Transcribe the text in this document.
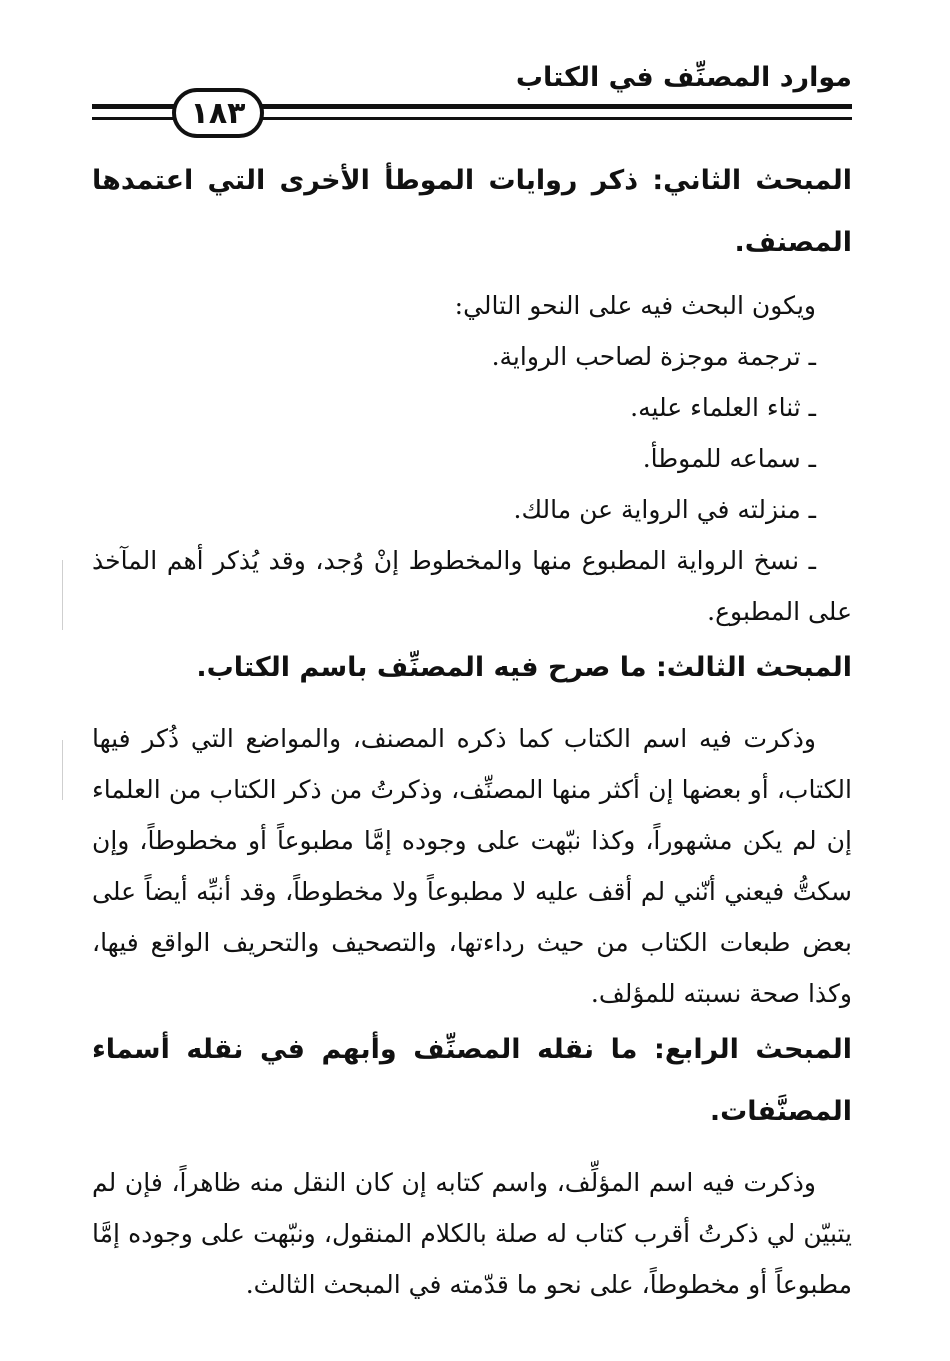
موارد المصنِّف في الكتاب
١٨٣
المبحث الثاني: ذكر روايات الموطأ الأخرى التي اعتمدها المصنف.

ويكون البحث فيه على النحو التالي:

ـ ترجمة موجزة لصاحب الرواية.

ـ ثناء العلماء عليه.

ـ سماعه للموطأ.

ـ منزلته في الرواية عن مالك.

ـ نسخ الرواية المطبوع منها والمخطوط إنْ وُجد، وقد يُذكر أهم المآخذ على المطبوع.

المبحث الثالث: ما صرح فيه المصنِّف باسم الكتاب.

وذكرت فيه اسم الكتاب كما ذكره المصنف، والمواضع التي ذُكر فيها الكتاب، أو بعضها إن أكثر منها المصنِّف، وذكرتُ من ذكر الكتاب من العلماء إن لم يكن مشهوراً، وكذا نبّهت على وجوده إمَّا مطبوعاً أو مخطوطاً، وإن سكتُّ فيعني أنّني لم أقف عليه لا مطبوعاً ولا مخطوطاً، وقد أنبِّه أيضاً على بعض طبعات الكتاب من حيث رداءتها، والتصحيف والتحريف الواقع فيها، وكذا صحة نسبته للمؤلف.

المبحث الرابع: ما نقله المصنِّف وأبهم في نقله أسماء المصنَّفات.

وذكرت فيه اسم المؤلِّف، واسم كتابه إن كان النقل منه ظاهراً، فإن لم يتبيّن لي ذكرتُ أقرب كتاب له صلة بالكلام المنقول، ونبّهت على وجوده إمَّا مطبوعاً أو مخطوطاً، على نحو ما قدّمته في المبحث الثالث.
